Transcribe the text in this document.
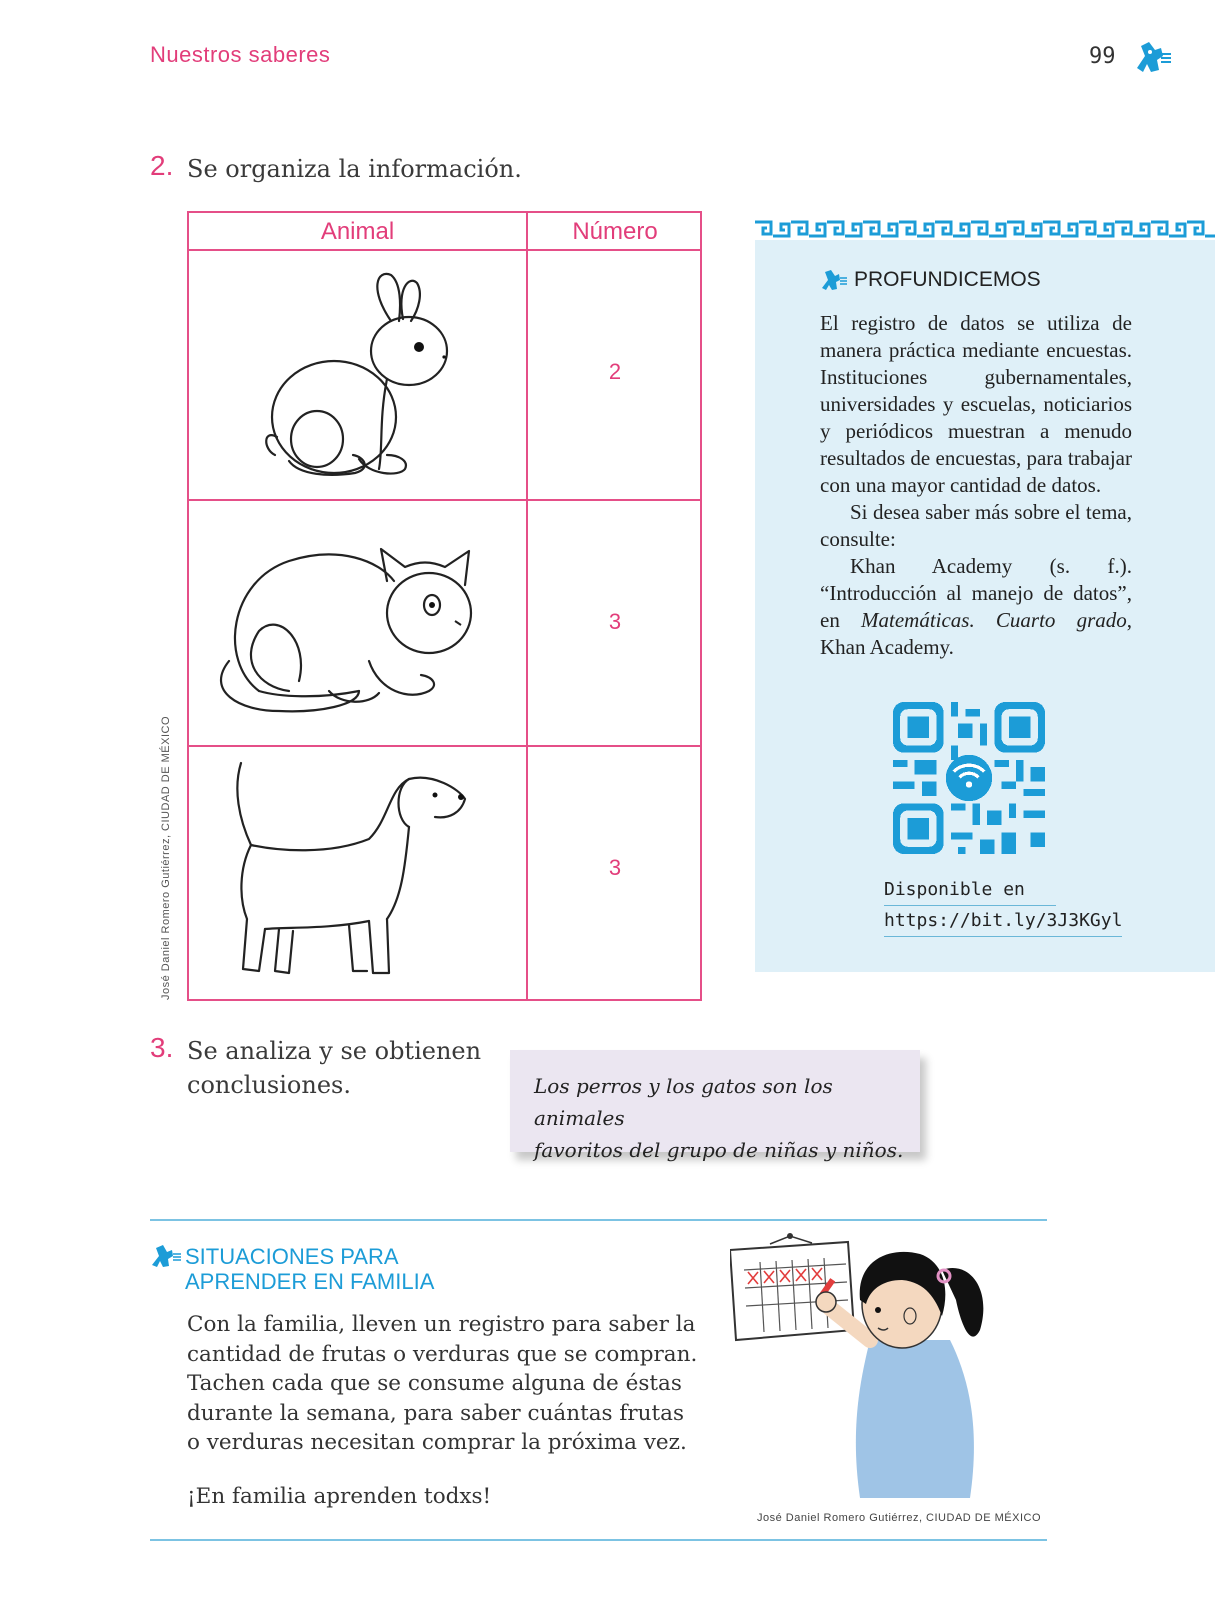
Nuestros saberes	99
2. Se organiza la información.
Animal	Número
2
3
3
José Daniel Romero Gutiérrez, CIUDAD DE MÉXICO
PROFUNDICEMOS

El registro de datos se utiliza de manera práctica mediante encuestas. Instituciones gubernamentales, universidades y escuelas, noticiarios y periódicos muestran a menudo resultados de encuestas, para trabajar con una mayor cantidad de datos.

Si desea saber más sobre el tema, consulte:

Khan Academy (s. f.). “Introducción al manejo de datos”, en Matemáticas. Cuarto grado, Khan Academy.

Disponible en
https://bit.ly/3J3KGyl
3. Se analiza y se obtienen
conclusiones.	Los perros y los gatos son los animales
favoritos del grupo de niñas y niños.
SITUACIONES PARA
APRENDER EN FAMILIA
Con la familia, lleven un registro para saber la
cantidad de frutas o verduras que se compran.
Tachen cada que se consume alguna de éstas
durante la semana, para saber cuántas frutas
o verduras necesitan comprar la próxima vez.
¡En familia aprenden todxs!
José Daniel Romero Gutiérrez, CIUDAD DE MÉXICO
